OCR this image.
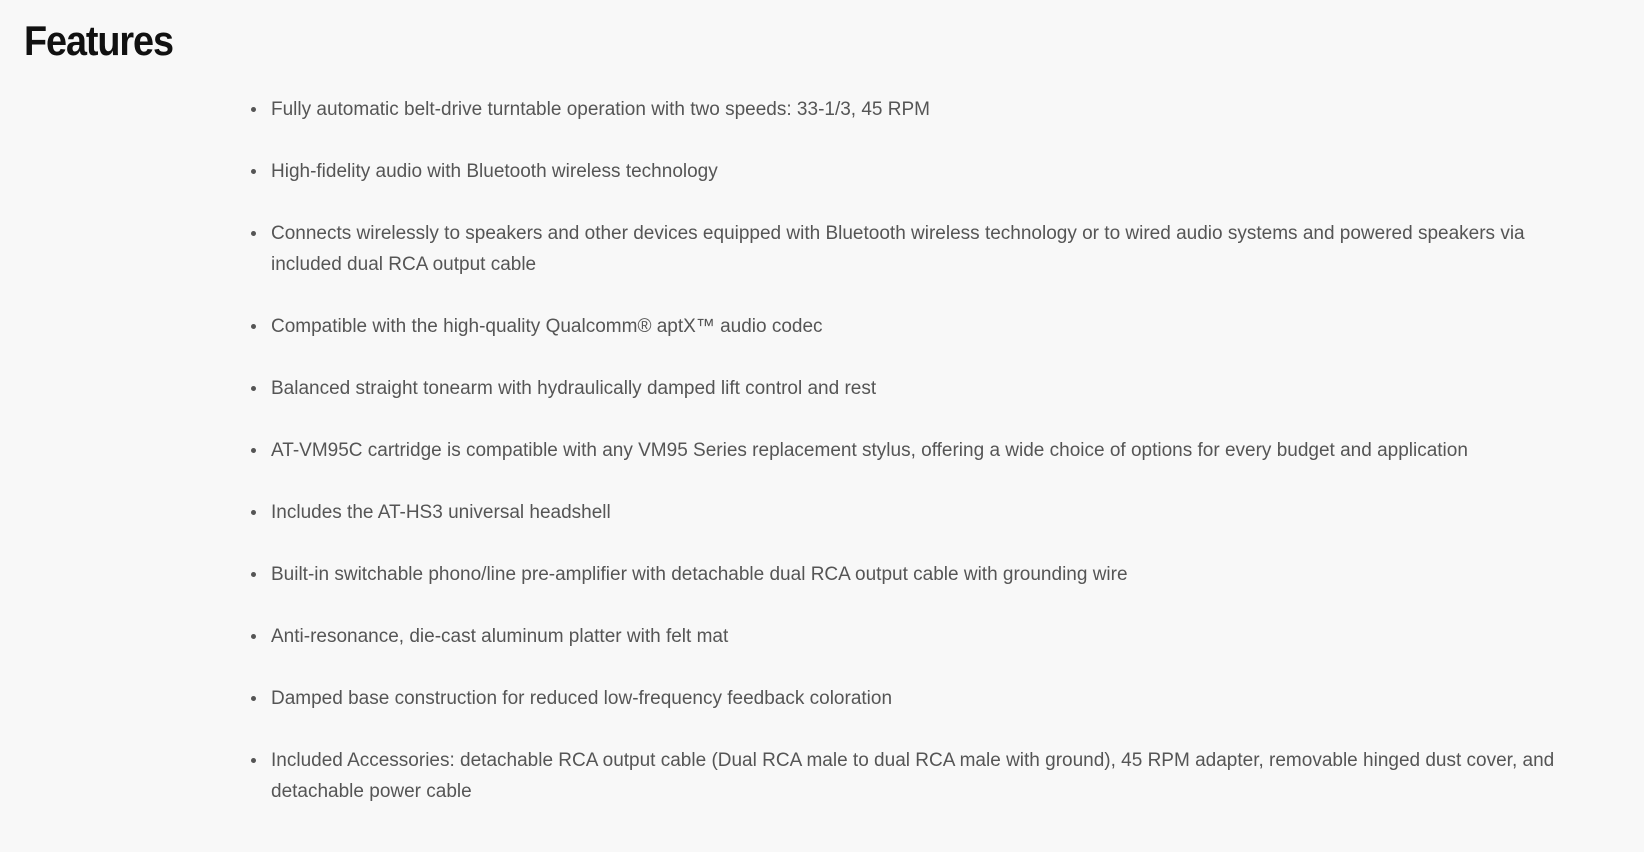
Features
Fully automatic belt-drive turntable operation with two speeds: 33-1/3, 45 RPM
High-fidelity audio with Bluetooth wireless technology
Connects wirelessly to speakers and other devices equipped with Bluetooth wireless technology or to wired audio systems and powered speakers via included dual RCA output cable
Compatible with the high-quality Qualcomm® aptX™ audio codec
Balanced straight tonearm with hydraulically damped lift control and rest
AT-VM95C cartridge is compatible with any VM95 Series replacement stylus, offering a wide choice of options for every budget and application
Includes the AT-HS3 universal headshell
Built-in switchable phono/line pre-amplifier with detachable dual RCA output cable with grounding wire
Anti-resonance, die-cast aluminum platter with felt mat
Damped base construction for reduced low-frequency feedback coloration
Included Accessories: detachable RCA output cable (Dual RCA male to dual RCA male with ground), 45 RPM adapter, removable hinged dust cover, and detachable power cable
